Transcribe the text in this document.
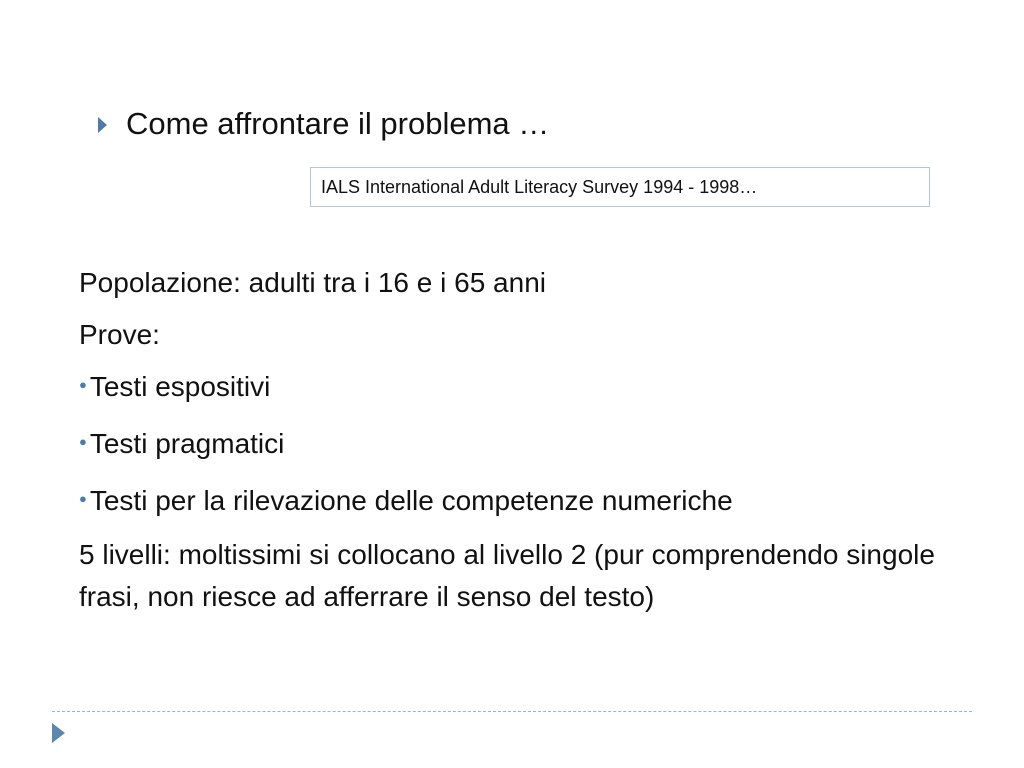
Come affrontare il problema …
IALS International Adult Literacy Survey 1994 - 1998…

Popolazione: adulti tra i 16 e i 65 anni

Prove:

● Testi espositivi

● Testi pragmatici

● Testi per la rilevazione delle competenze numeriche

5 livelli: moltissimi si collocano al livello 2 (pur comprendendo singole frasi, non riesce ad afferrare il senso del testo)
